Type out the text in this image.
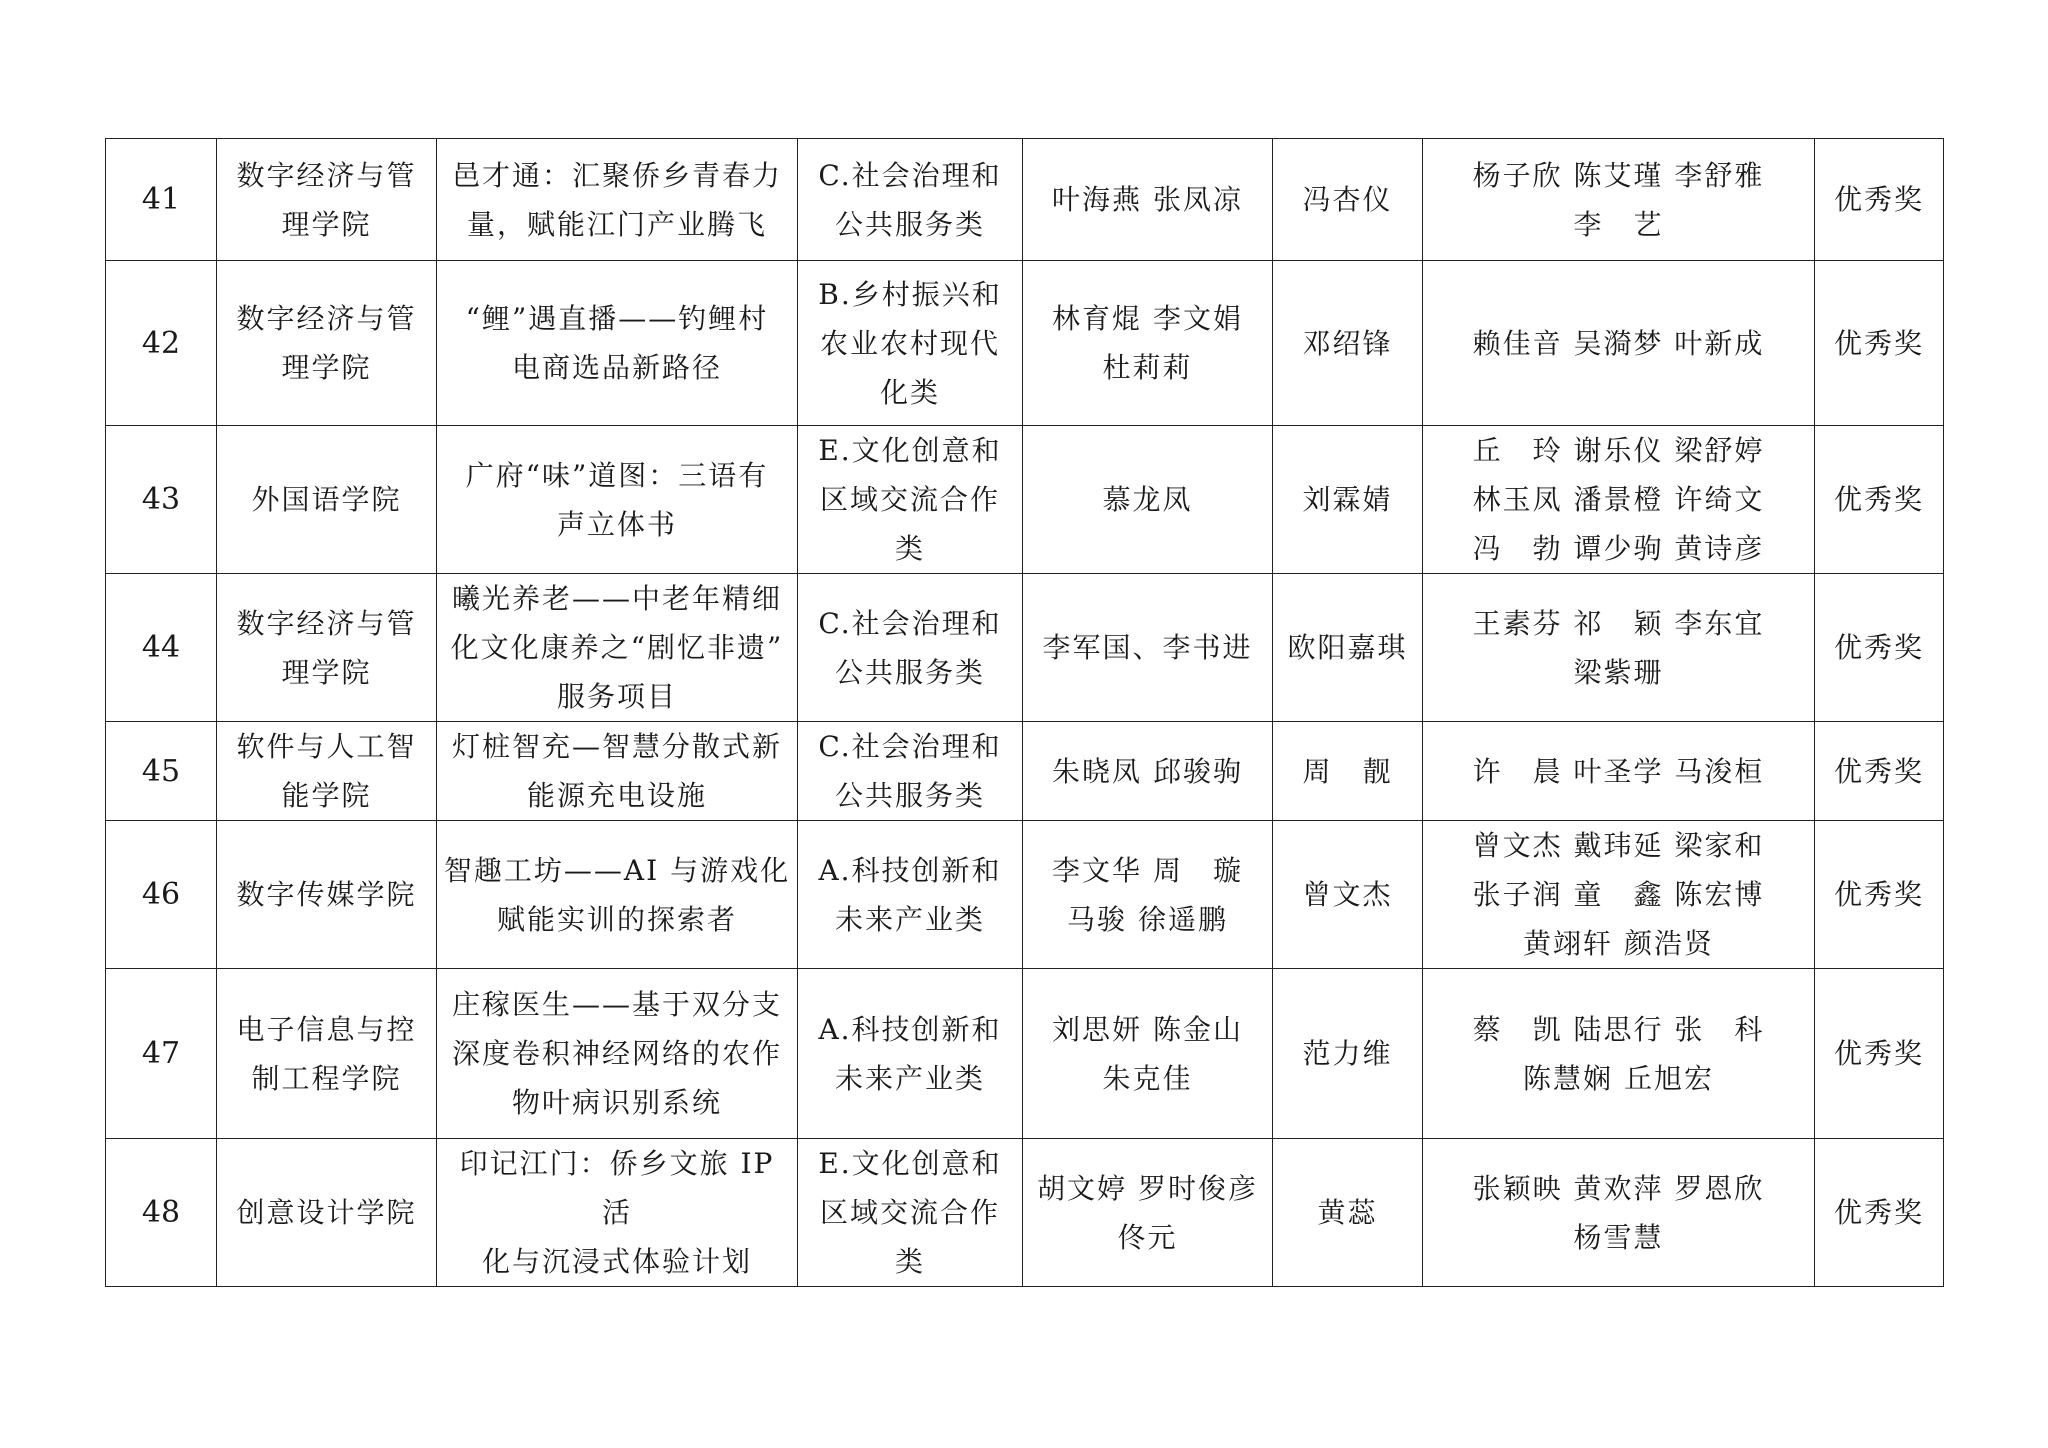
41	数字经济与管
理学院	邑才通：汇聚侨乡青春力
量，赋能江门产业腾飞	C.社会治理和
公共服务类	叶海燕 张凤凉	冯杏仪	杨子欣 陈艾瑾 李舒雅
李　艺	优秀奖
42	数字经济与管
理学院	“鲤”遇直播——钓鲤村
电商选品新路径	B.乡村振兴和
农业农村现代
化类	林育焜 李文娟
杜莉莉	邓绍锋	赖佳音 吴漪梦 叶新成	优秀奖
43	外国语学院	广府“味”道图：三语有
声立体书	E.文化创意和
区域交流合作
类	慕龙凤	刘霖婧	丘　玲 谢乐仪 梁舒婷
林玉凤 潘景橙 许绮文
冯　勃 谭少驹 黄诗彦	优秀奖
44	数字经济与管
理学院	曦光养老——中老年精细
化文化康养之“剧忆非遗”
服务项目	C.社会治理和
公共服务类	李军国、李书进	欧阳嘉琪	王素芬 祁　颖 李东宜
梁紫珊	优秀奖
45	软件与人工智
能学院	灯桩智充—智慧分散式新
能源充电设施	C.社会治理和
公共服务类	朱晓凤 邱骏驹	周　靓	许　晨 叶圣学 马浚桓	优秀奖
46	数字传媒学院	智趣工坊——AI 与游戏化
赋能实训的探索者	A.科技创新和
未来产业类	李文华 周　璇
马骏 徐遥鹏	曾文杰	曾文杰 戴玮延 梁家和
张子润 童　鑫 陈宏博
黄翊轩 颜浩贤	优秀奖
47	电子信息与控
制工程学院	庄稼医生——基于双分支
深度卷积神经网络的农作
物叶病识别系统	A.科技创新和
未来产业类	刘思妍 陈金山
朱克佳	范力维	蔡　凯 陆思行 张　科
陈慧娴 丘旭宏	优秀奖
48	创意设计学院	印记江门：侨乡文旅 IP 活
化与沉浸式体验计划	E.文化创意和
区域交流合作
类	胡文婷 罗时俊彦
佟元	黄蕊	张颖映 黄欢萍 罗恩欣
杨雪慧	优秀奖
